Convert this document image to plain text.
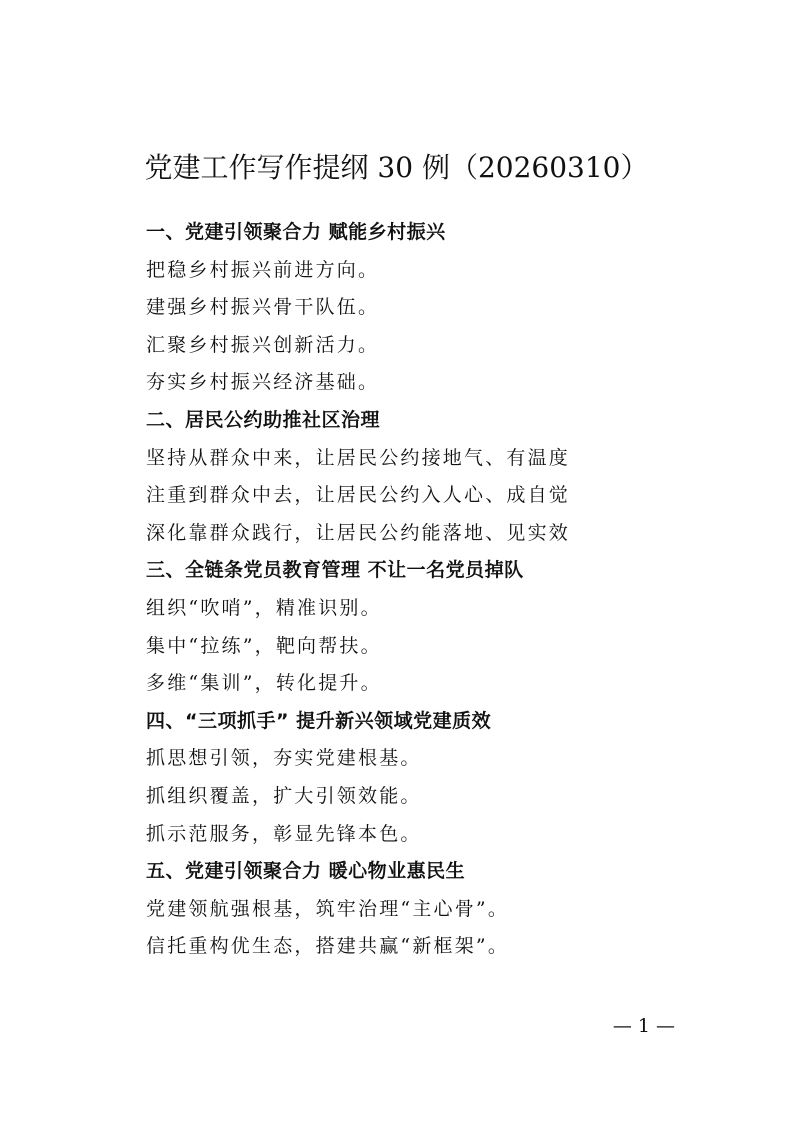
党建工作写作提纲 30 例（20260310）
一、党建引领聚合力 赋能乡村振兴
把稳乡村振兴前进方向。
建强乡村振兴骨干队伍。
汇聚乡村振兴创新活力。
夯实乡村振兴经济基础。
二、居民公约助推社区治理
坚持从群众中来，让居民公约接地气、有温度
注重到群众中去，让居民公约入人心、成自觉
深化靠群众践行，让居民公约能落地、见实效
三、全链条党员教育管理 不让一名党员掉队
组织“吹哨”，精准识别。
集中“拉练”，靶向帮扶。
多维“集训”，转化提升。
四、“三项抓手” 提升新兴领域党建质效
抓思想引领，夯实党建根基。
抓组织覆盖，扩大引领效能。
抓示范服务，彰显先锋本色。
五、党建引领聚合力 暖心物业惠民生
党建领航强根基，筑牢治理“主心骨”。
信托重构优生态，搭建共赢“新框架”。
— 1 —
